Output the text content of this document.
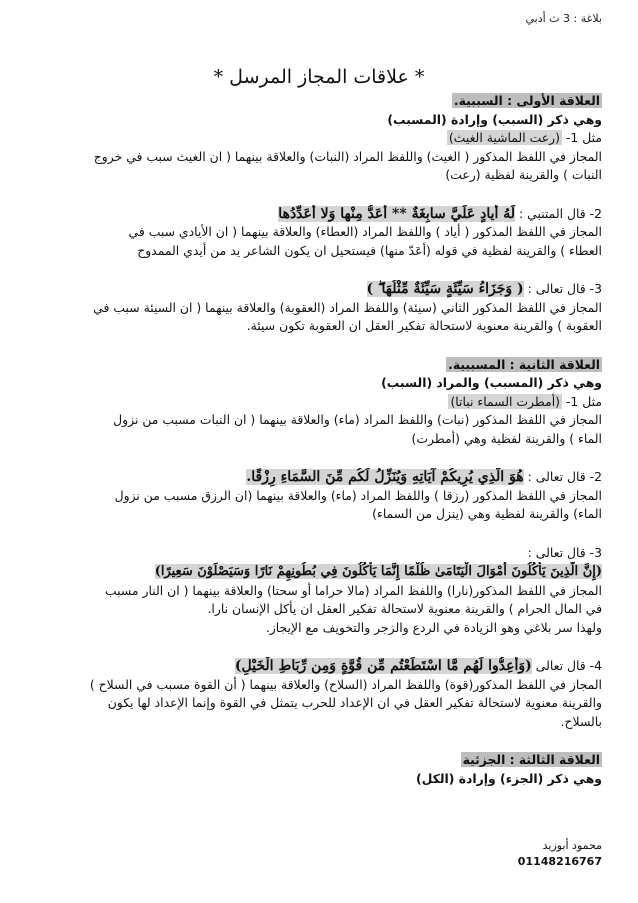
بلاغة : 3 ث أدبي
* علاقات المجاز المرسل *
العلاقة الأولى : السببية.
وهي ذكر (السبب) وإرادة (المسبب)
مثل 1- (رعت الماشية الغيث)
المجاز في اللفظ المذكور ( الغيث) واللفظ المراد (النبات) والعلاقة بينهما ( ان الغيث سبب في خروج
النبات ) والقرينة لفظية (رعت)
2- قال المتنبي : لَهُ أَيادٍ عَلَيَّ سابِغَةٌ ** أُعَدُّ مِنْها وَلا أُعَدِّدُها
المجاز في اللفظ المذكور ( أياد ) واللفظ المراد (العطاء) والعلاقة بينهما ( ان الأيادي سبب في
العطاء ) والقرينة لفظية في قوله (أُعَدّ منها) فيستحيل ان يكون الشاعر يد من أيدي الممدوح
3- قال تعالى : ( وَجَزَاءُ سَيِّئَةٍ سَيِّئَةٌ مِّثْلُهَا ۖ )
المجاز في اللفظ المذكور الثاني (سيئة) واللفظ المراد (العقوبة) والعلاقة بينهما ( ان السيئة سبب في
العقوبة ) والقرينة معنوية لاستحالة تفكير العقل ان العقوبة تكون سيئة.
العلاقة الثانية : المسببية.
وهي ذكر (المسبب) والمراد (السبب)
مثل 1- (أمطرت السماء نباتا)
المجاز في اللفظ المذكور (نبات) واللفظ المراد (ماء) والعلاقة بينهما ( ان النبات مسبب من نزول
الماء ) والقرينة لفظية وهي (أمطرت)
2- قال تعالى : هُوَ الَّذِي يُرِيكُمْ آيَاتِهِ وَيُنَزِّلُ لَكُم مِّنَ السَّمَاءِ رِزْقًا.
المجاز في اللفظ المذكور (رزقا ) واللفظ المراد (ماء) والعلاقة بينهما (ان الرزق مسبب من نزول
الماء) والقرينة لفظية وهي (ينزل من السماء)
3- قال تعالى :
(إِنَّ الَّذِينَ يَأْكُلُونَ أَمْوَالَ الْيَتَامَىٰ ظُلْمًا إِنَّمَا يَأْكُلُونَ فِي بُطُونِهِمْ نَارًا وَسَيَصْلَوْنَ سَعِيرًا)
المجاز في اللفظ المذكور(نارا) واللفظ المراد (مالا حراما أو سحتا) والعلاقة بينهما ( ان النار مسبب
في المال الحرام ) والقرينة معنوية لاستحالة تفكير العقل ان يأكل الإنسان نارا.
ولهذا سر بلاغي وهو الزيادة في الردع والزجر والتخويف مع الإيجاز.
4- قال تعالى (وَأَعِدُّوا لَهُم مَّا اسْتَطَعْتُم مِّن قُوَّةٍ وَمِن رِّبَاطِ الْخَيْلِ)
المجاز في اللفظ المذكور(قوة) واللفظ المراد (السلاح) والعلاقة بينهما ( أن القوة مسبب في السلاح )
والقرينة معنوية لاستحالة تفكير العقل في ان الإعداد للحرب يتمثل في القوة وإنما الإعداد لها يكون
بالسلاح.
العلاقة الثالثة : الجزئية
وهي ذكر (الجزء) وإرادة (الكل)
محمود أبوزيد
01148216767
